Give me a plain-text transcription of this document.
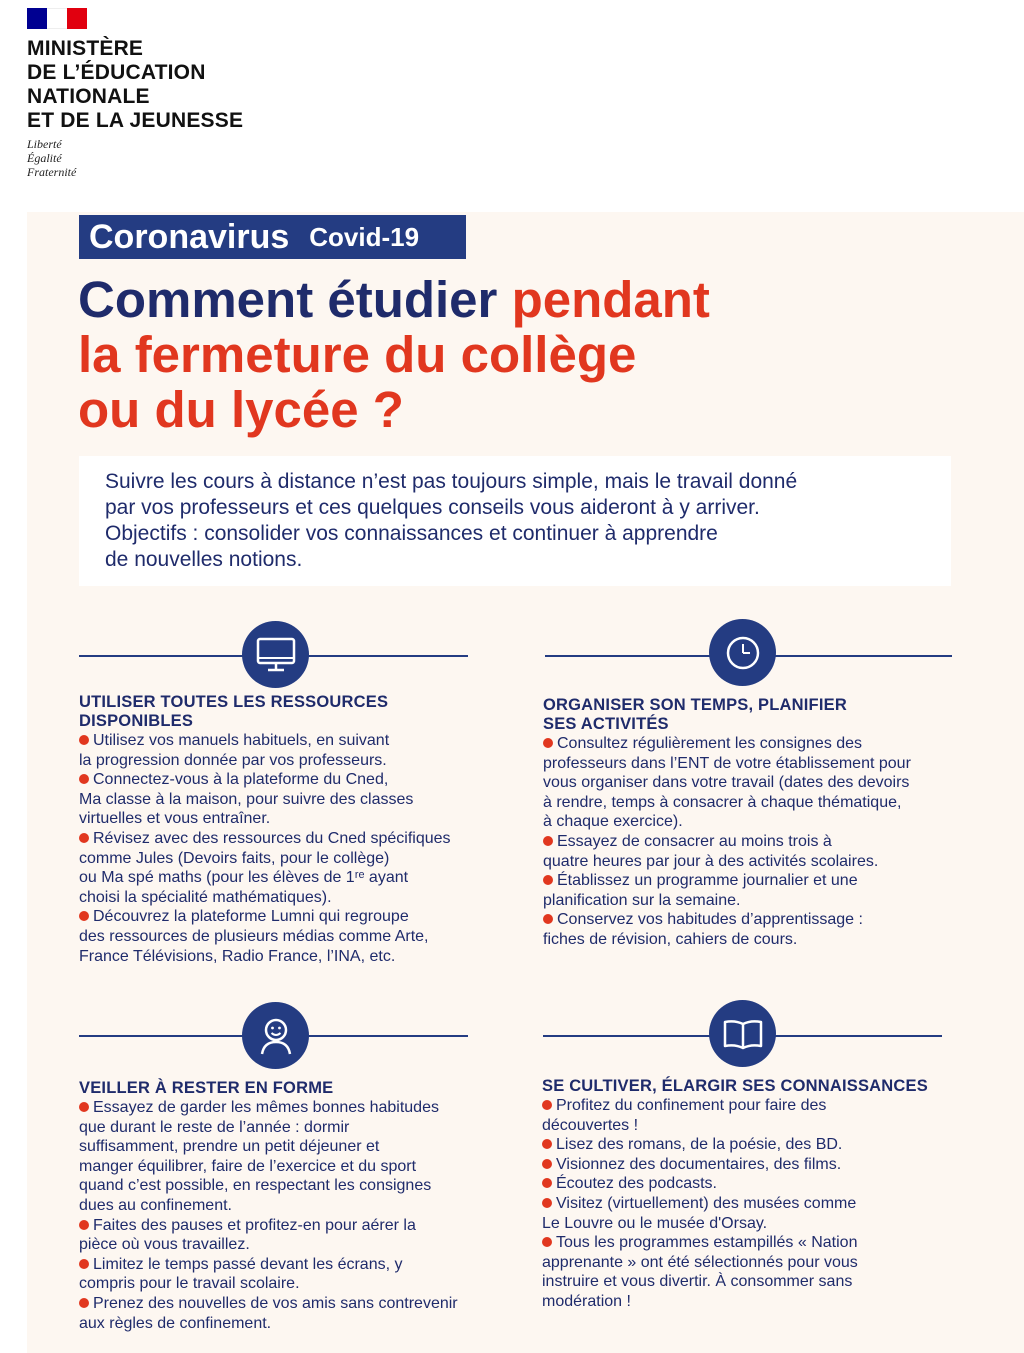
MINISTÈRE
DE L’ÉDUCATION
NATIONALE
ET DE LA JEUNESSE
Liberté
Égalité
Fraternité
Coronavirus Covid-19
Comment étudier pendant
la fermeture du collège
ou du lycée ?
Suivre les cours à distance n’est pas toujours simple, mais le travail donné
par vos professeurs et ces quelques conseils vous aideront à y arriver.
Objectifs : consolider vos connaissances et continuer à apprendre
de nouvelles notions.
UTILISER TOUTES LES RESSOURCES
DISPONIBLES

Utilisez vos manuels habituels, en suivant

la progression donnée par vos professeurs.

Connectez-vous à la plateforme du Cned,

Ma classe à la maison, pour suivre des classes

virtuelles et vous entraîner.

Révisez avec des ressources du Cned spécifiques

comme Jules (Devoirs faits, pour le collège)

ou Ma spé maths (pour les élèves de 1ʳᵉ ayant

choisi la spécialité mathématiques).

Découvrez la plateforme Lumni qui regroupe

des ressources de plusieurs médias comme Arte,

France Télévisions, Radio France, l’INA, etc.

ORGANISER SON TEMPS, PLANIFIER
SES ACTIVITÉS

Consultez régulièrement les consignes des

professeurs dans l’ENT de votre établissement pour

vous organiser dans votre travail (dates des devoirs

à rendre, temps à consacrer à chaque thématique,

à chaque exercice).

Essayez de consacrer au moins trois à

quatre heures par jour à des activités scolaires.

Établissez un programme journalier et une

planification sur la semaine.

Conservez vos habitudes d’apprentissage :

fiches de révision, cahiers de cours.

VEILLER À RESTER EN FORME

Essayez de garder les mêmes bonnes habitudes

que durant le reste de l’année : dormir

suffisamment, prendre un petit déjeuner et

manger équilibrer, faire de l’exercice et du sport

quand c’est possible, en respectant les consignes

dues au confinement.

Faites des pauses et profitez-en pour aérer la

pièce où vous travaillez.

Limitez le temps passé devant les écrans, y

compris pour le travail scolaire.

Prenez des nouvelles de vos amis sans contrevenir

aux règles de confinement.

SE CULTIVER, ÉLARGIR SES CONNAISSANCES

Profitez du confinement pour faire des

découvertes !

Lisez des romans, de la poésie, des BD.

Visionnez des documentaires, des films.

Écoutez des podcasts.

Visitez (virtuellement) des musées comme

Le Louvre ou le musée d'Orsay.

Tous les programmes estampillés « Nation

apprenante » ont été sélectionnés pour vous

instruire et vous divertir. À consommer sans

modération !
